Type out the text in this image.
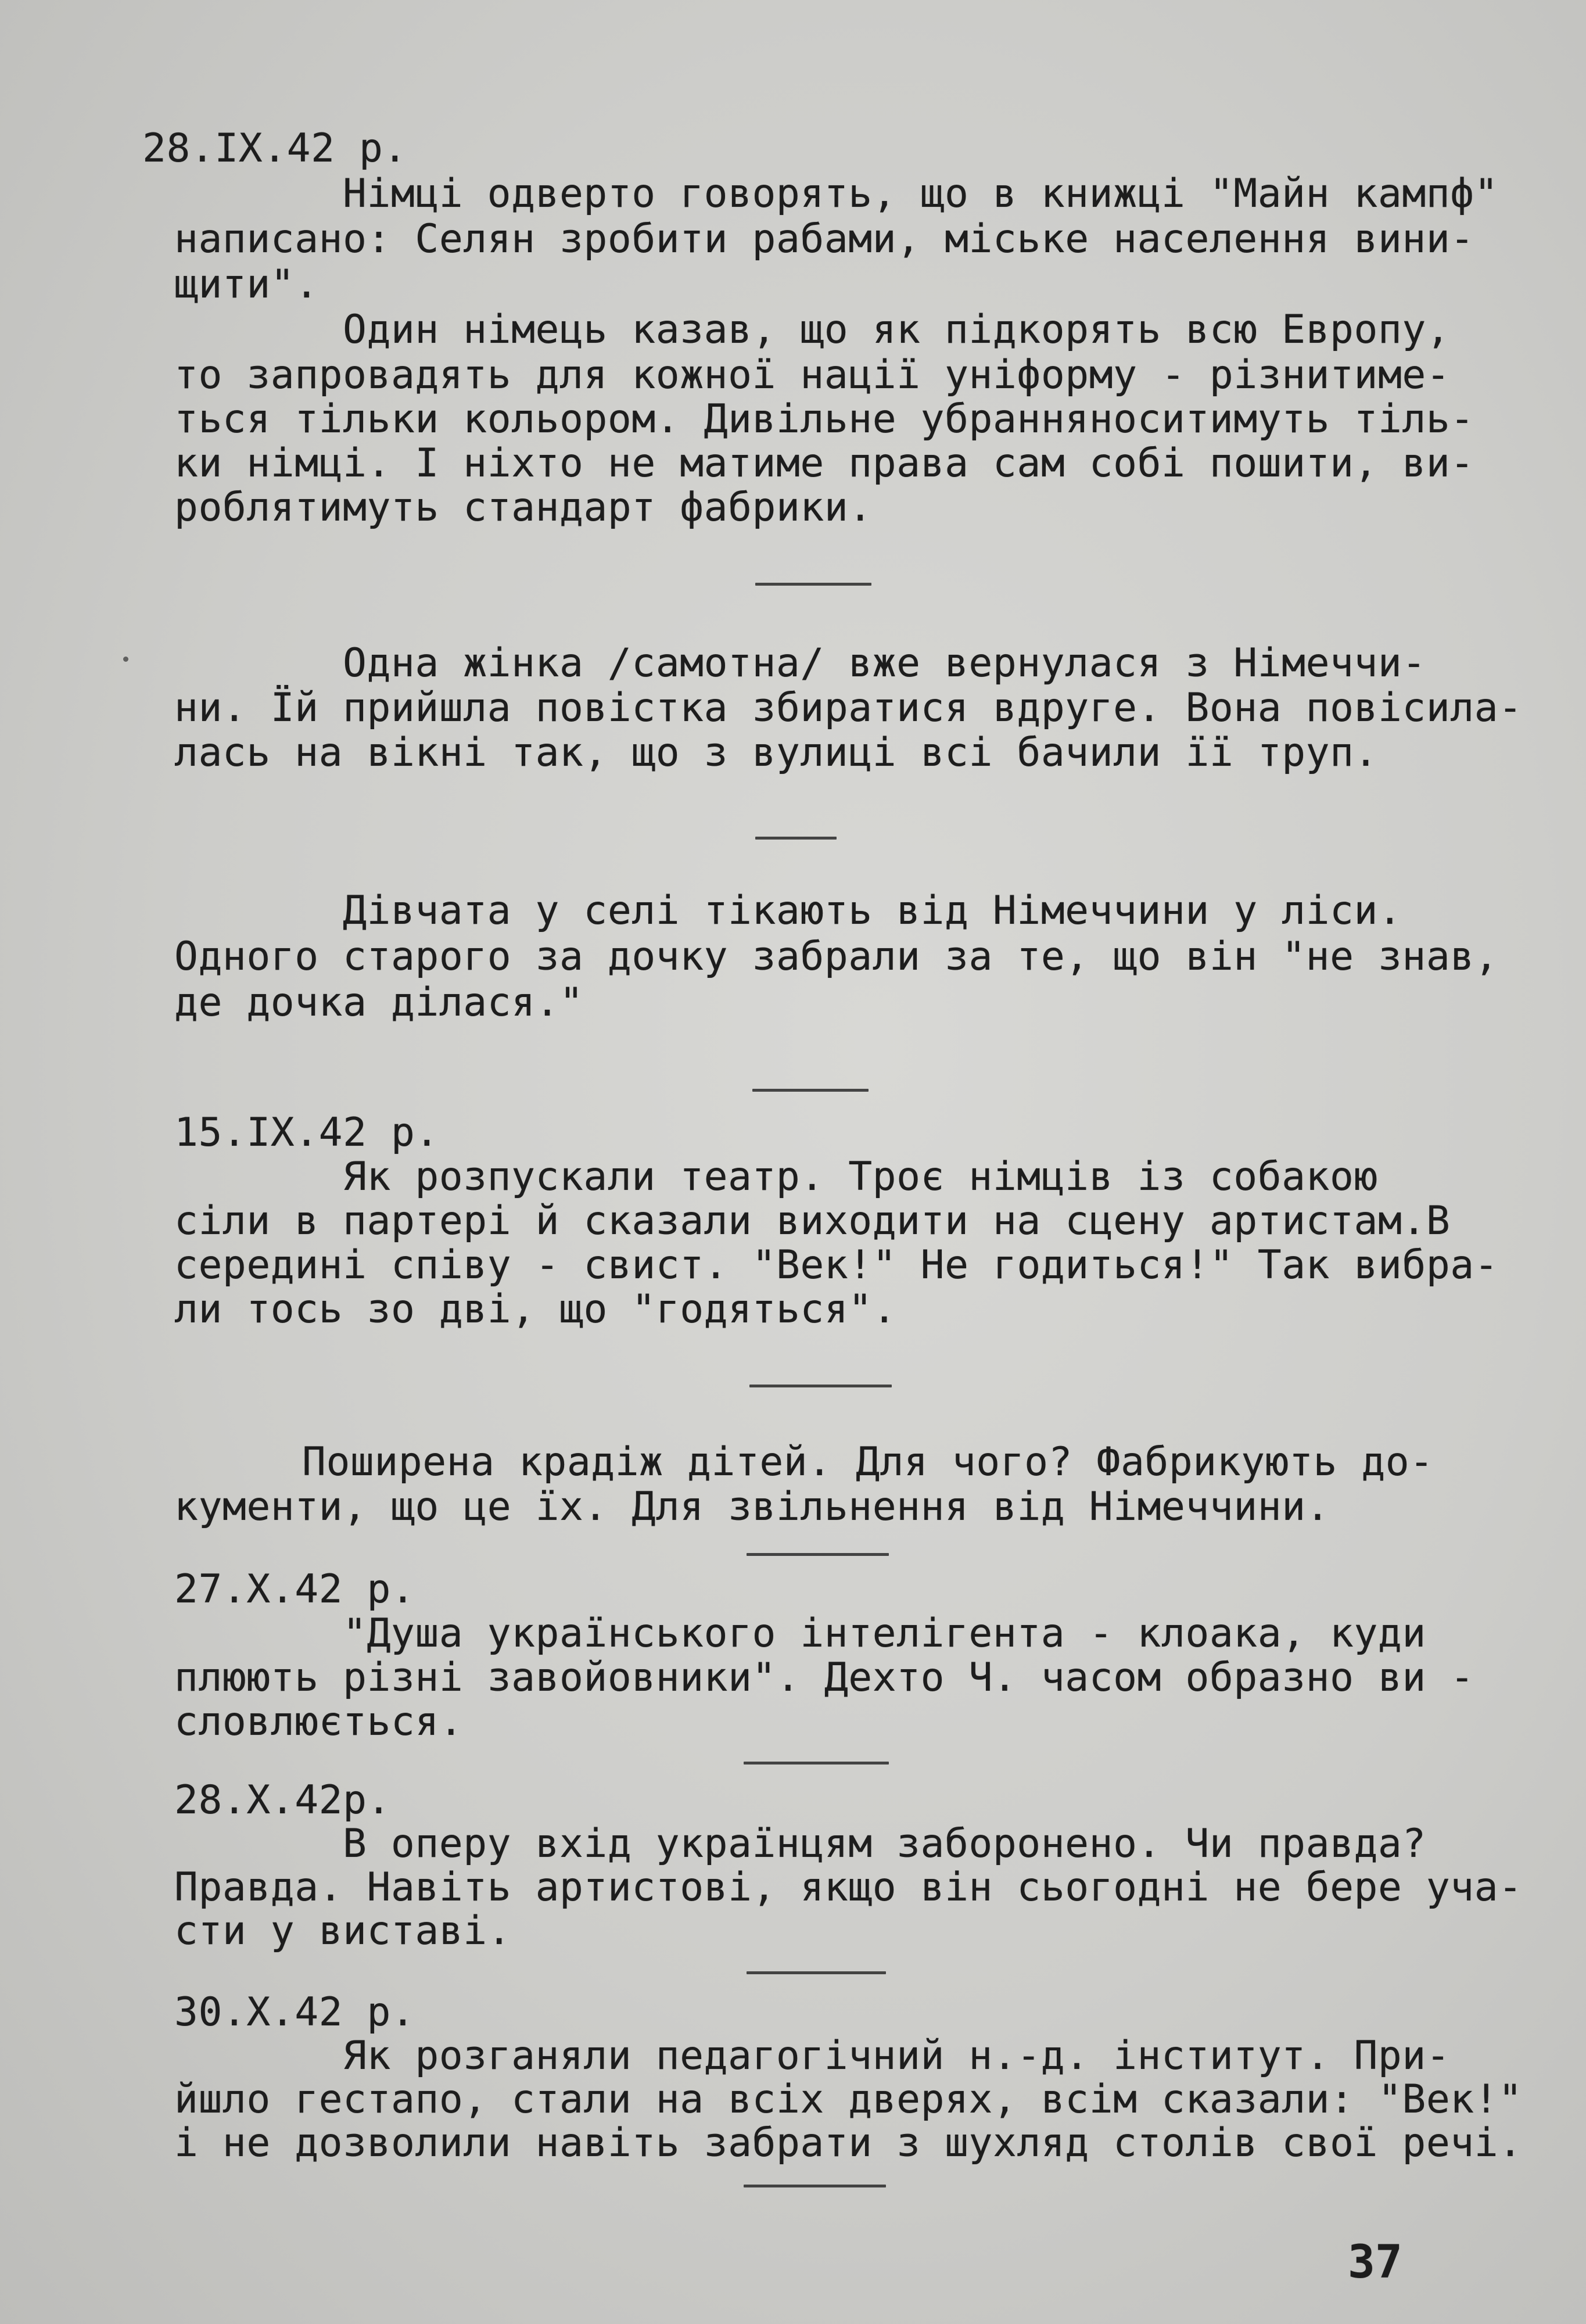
28.IX.42 р.
Німці одверто говорять, що в книжці "Майн кампф"
написано: Селян зробити рабами, міське населення вини-
щити".
Один німець казав, що як підкорять всю Европу,
то запровадять для кожної нації уніформу - різнитиме-
ться тільки кольором. Дивільне убранняноситимуть тіль-
ки німці. І ніхто не матиме права сам собі пошити, ви-
роблятимуть стандарт фабрики.
Одна жінка /самотна/ вже вернулася з Німеччи-
ни. Їй прийшла повістка збиратися вдруге. Вона повісила-
лась на вікні так, що з вулиці всі бачили її труп.
Дівчата у селі тікають від Німеччини у ліси.
Одного старого за дочку забрали за те, що він "не знав,
де дочка ділася."
15.IX.42 р.
Як розпускали театр. Троє німців із собакою
сіли в партері й сказали виходити на сцену артистам.В
середині співу - свист. "Век!" Не годиться!" Так вибра-
ли тось зо дві, що "годяться".
Поширена крадіж дітей. Для чого? Фабрикують до-
кументи, що це їх. Для звільнення від Німеччини.
27.X.42 р.
"Душа українського інтелігента - клоака, куди
плюють різні завойовники". Дехто Ч. часом образно ви -
словлюється.
28.X.42р.
В оперу вхід українцям заборонено. Чи правда?
Правда. Навіть артистові, якщо він сьогодні не бере уча-
сти у виставі.
30.X.42 р.
Як розганяли педагогічний н.-д. інститут. При-
йшло гестапо, стали на всіх дверях, всім сказали: "Век!"
і не дозволили навіть забрати з шухляд столів свої речі.
37
